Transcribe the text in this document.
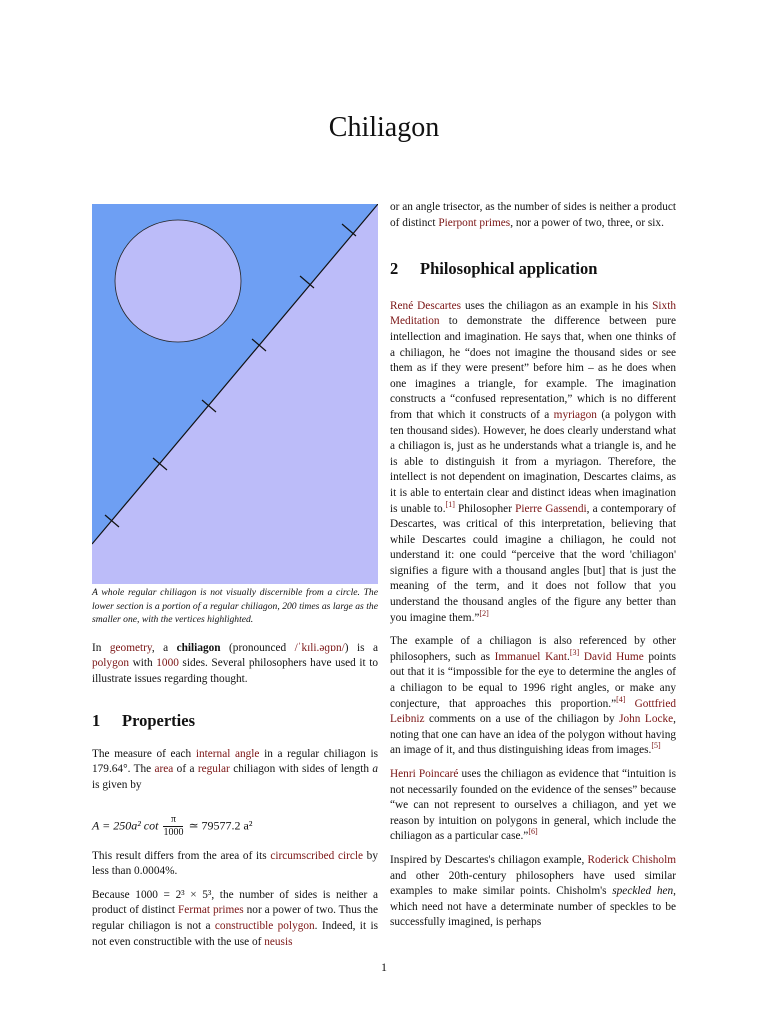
Chiliagon

A whole regular chiliagon is not visually discernible from a circle. The lower section is a portion of a regular chiliagon, 200 times as large as the smaller one, with the vertices highlighted.

In geometry, a chiliagon (pronounced /ˈkɪli.əɡɒn/) is a polygon with 1000 sides. Several philosophers have used it to illustrate issues regarding thought.

1 Properties

The measure of each internal angle in a regular chiliagon is 179.64°. The area of a regular chiliagon with sides of length a is given by

A = 250a² $\cot \frac{\pi}{1000}$ ≃ 79577.2 a²

This result differs from the area of its circumscribed circle by less than 0.0004%.

Because 1000 = 2³ × 5³, the number of sides is neither a product of distinct Fermat primes nor a power of two. Thus the regular chiliagon is not a constructible polygon. Indeed, it is not even constructible with the use of neusis

or an angle trisector, as the number of sides is neither a product of distinct Pierpont primes, nor a power of two, three, or six.

2 Philosophical application

René Descartes uses the chiliagon as an example in his Sixth Meditation to demonstrate the difference between pure intellection and imagination. He says that, when one thinks of a chiliagon, he “does not imagine the thousand sides or see them as if they were present” before him – as he does when one imagines a triangle, for example. The imagination constructs a “confused representation,” which is no different from that which it constructs of a myriagon (a polygon with ten thousand sides). However, he does clearly understand what a chiliagon is, just as he understands what a triangle is, and he is able to distinguish it from a myriagon. Therefore, the intellect is not dependent on imagination, Descartes claims, as it is able to entertain clear and distinct ideas when imagination is unable to.[1] Philosopher Pierre Gassendi, a contemporary of Descartes, was critical of this interpretation, believing that while Descartes could imagine a chiliagon, he could not understand it: one could “perceive that the word 'chiliagon' signifies a figure with a thousand angles [but] that is just the meaning of the term, and it does not follow that you understand the thousand angles of the figure any better than you imagine them.”[2]

The example of a chiliagon is also referenced by other philosophers, such as Immanuel Kant.[3] David Hume points out that it is “impossible for the eye to determine the angles of a chiliagon to be equal to 1996 right angles, or make any conjecture, that approaches this proportion.”[4] Gottfried Leibniz comments on a use of the chiliagon by John Locke, noting that one can have an idea of the polygon without having an image of it, and thus distinguishing ideas from images.[5]

Henri Poincaré uses the chiliagon as evidence that “intuition is not necessarily founded on the evidence of the senses” because “we can not represent to ourselves a chiliagon, and yet we reason by intuition on polygons in general, which include the chiliagon as a particular case.”[6]

Inspired by Descartes's chiliagon example, Roderick Chisholm and other 20th-century philosophers have used similar examples to make similar points. Chisholm's speckled hen, which need not have a determinate number of speckles to be successfully imagined, is perhaps

1
